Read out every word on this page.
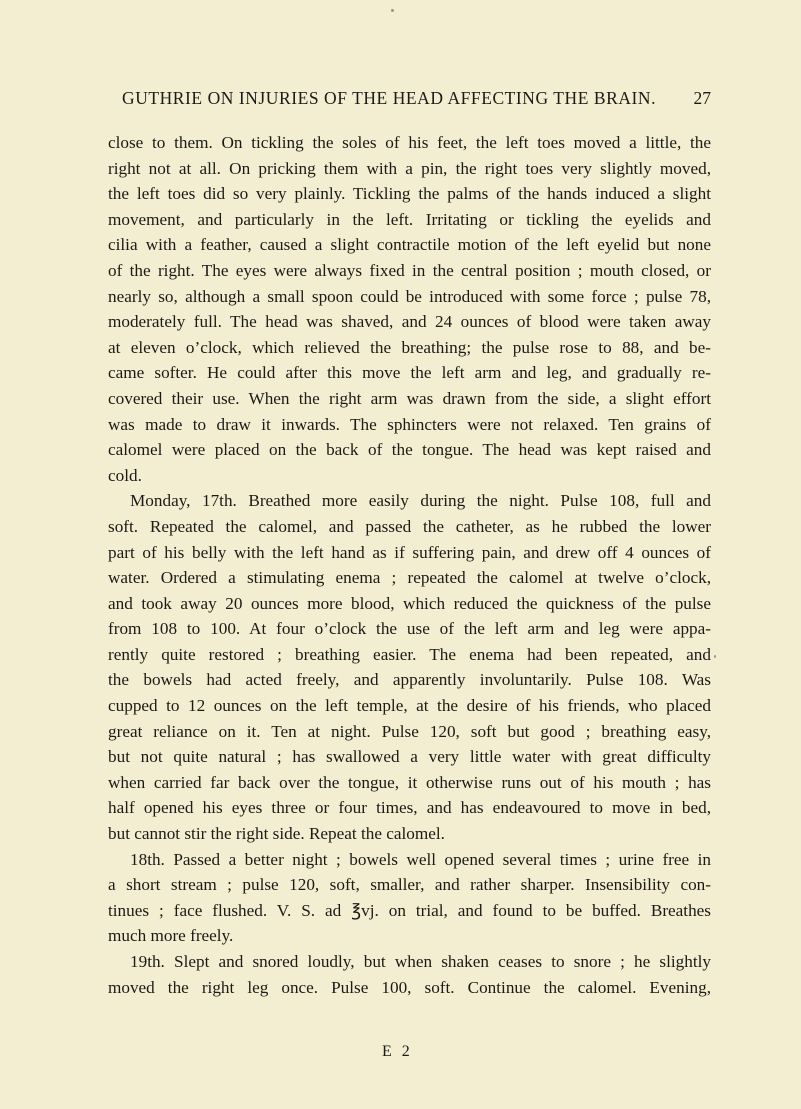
GUTHRIE ON INJURIES OF THE HEAD AFFECTING THE BRAIN. 27
close to them. On tickling the soles of his feet, the left toes moved a little, the
right not at all. On pricking them with a pin, the right toes very slightly moved,
the left toes did so very plainly. Tickling the palms of the hands induced a slight
movement, and particularly in the left. Irritating or tickling the eyelids and
cilia with a feather, caused a slight contractile motion of the left eyelid but none
of the right. The eyes were always fixed in the central position ; mouth closed, or
nearly so, although a small spoon could be introduced with some force ; pulse 78,
moderately full. The head was shaved, and 24 ounces of blood were taken away
at eleven o’clock, which relieved the breathing; the pulse rose to 88, and be-
came softer. He could after this move the left arm and leg, and gradually re-
covered their use. When the right arm was drawn from the side, a slight effort
was made to draw it inwards. The sphincters were not relaxed. Ten grains of
calomel were placed on the back of the tongue. The head was kept raised and
cold.
Monday, 17th. Breathed more easily during the night. Pulse 108, full and
soft. Repeated the calomel, and passed the catheter, as he rubbed the lower
part of his belly with the left hand as if suffering pain, and drew off 4 ounces of
water. Ordered a stimulating enema ; repeated the calomel at twelve o’clock,
and took away 20 ounces more blood, which reduced the quickness of the pulse
from 108 to 100. At four o’clock the use of the left arm and leg were appa-
rently quite restored ; breathing easier. The enema had been repeated, and
the bowels had acted freely, and apparently involuntarily. Pulse 108. Was
cupped to 12 ounces on the left temple, at the desire of his friends, who placed
great reliance on it. Ten at night. Pulse 120, soft but good ; breathing easy,
but not quite natural ; has swallowed a very little water with great difficulty
when carried far back over the tongue, it otherwise runs out of his mouth ; has
half opened his eyes three or four times, and has endeavoured to move in bed,
but cannot stir the right side. Repeat the calomel.
18th. Passed a better night ; bowels well opened several times ; urine free in
a short stream ; pulse 120, soft, smaller, and rather sharper. Insensibility con-
tinues ; face flushed. V. S. ad ℥vj. on trial, and found to be buffed. Breathes
much more freely.
19th. Slept and snored loudly, but when shaken ceases to snore ; he slightly
moved the right leg once. Pulse 100, soft. Continue the calomel. Evening,
E 2
